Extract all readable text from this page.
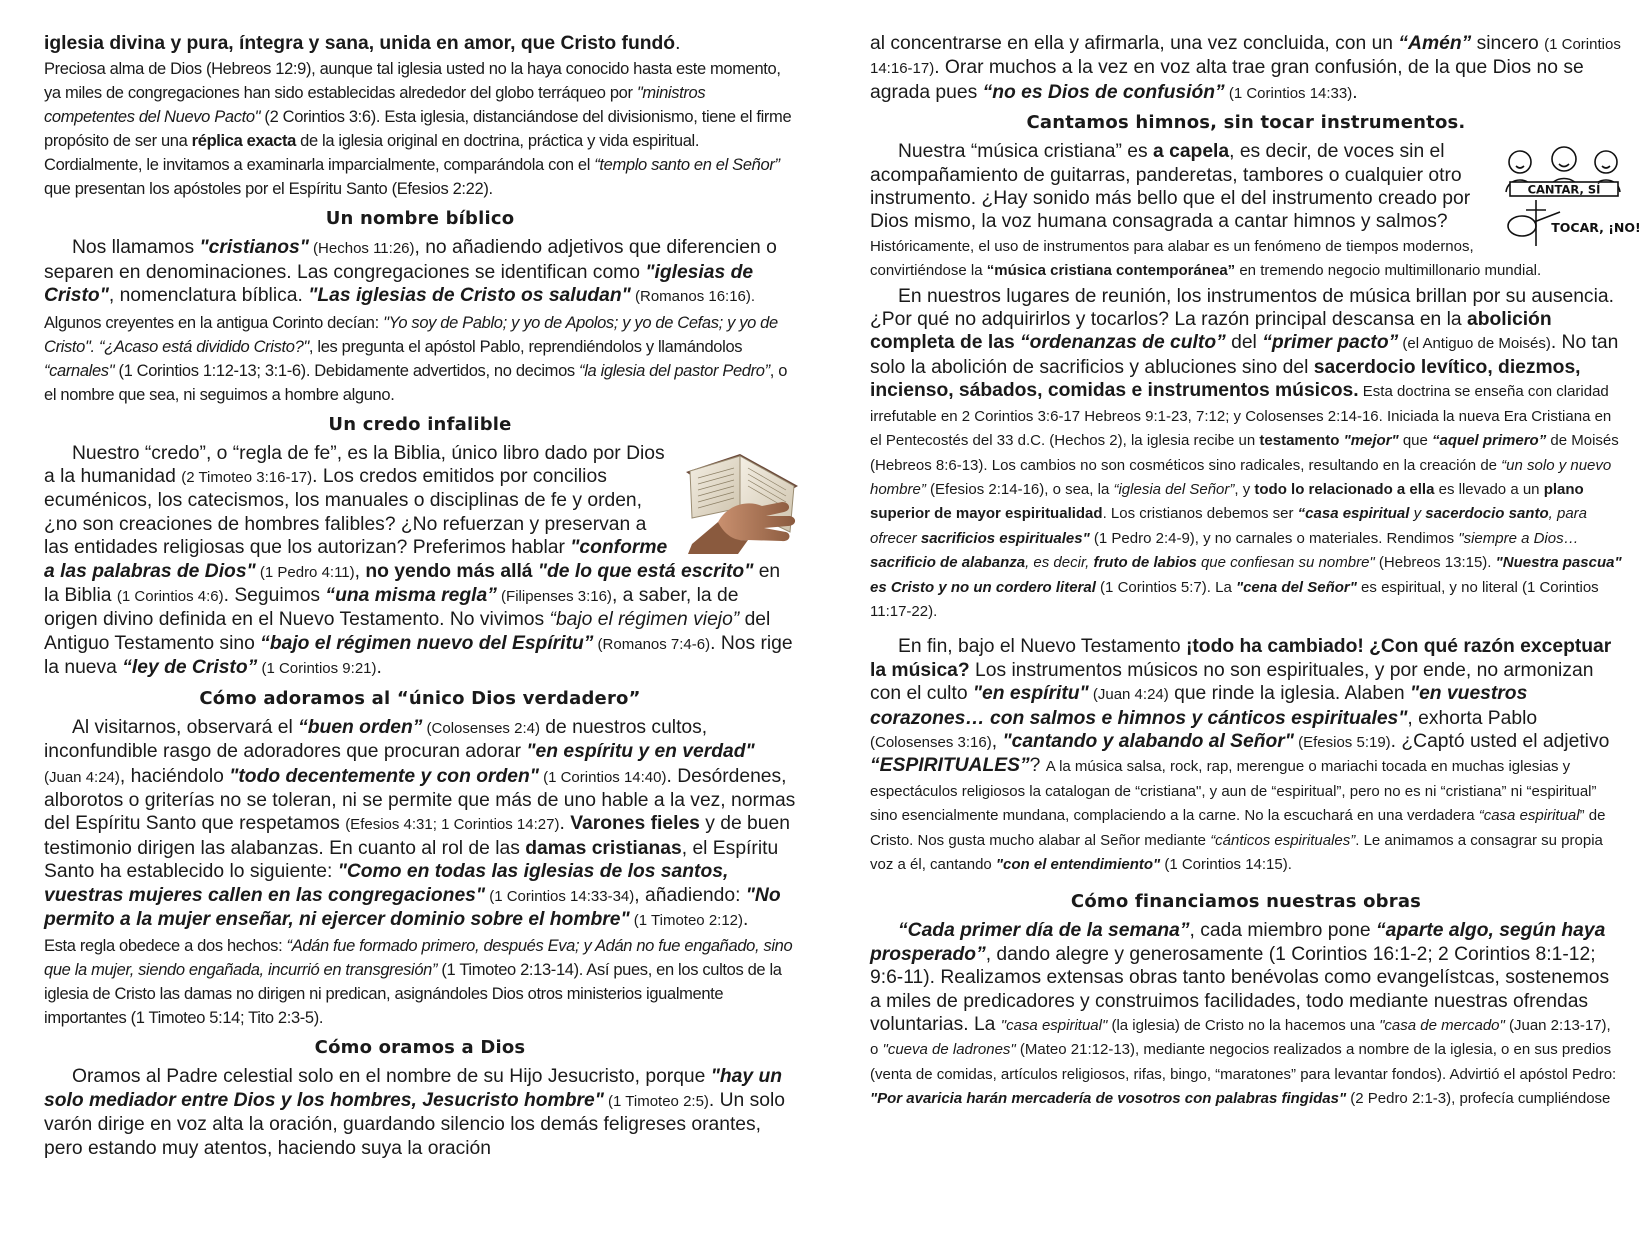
iglesia divina y pura, íntegra y sana, unida en amor, que Cristo fundó.

Preciosa alma de Dios (Hebreos 12:9), aunque tal iglesia usted no la haya conocido hasta este momento, ya miles de congregaciones han sido establecidas alrededor del globo terráqueo por "ministros competentes del Nuevo Pacto" (2 Corintios 3:6). Esta iglesia, distanciándose del divisionismo, tiene el firme propósito de ser una réplica exacta de la iglesia original en doctrina, práctica y vida espiritual. Cordialmente, le invitamos a examinarla imparcialmente, comparándola con el “templo santo en el Señor” que presentan los apóstoles por el Espíritu Santo (Efesios 2:22).

Un nombre bíblico

Nos llamamos "cristianos" (Hechos 11:26), no añadiendo adjetivos que diferencien o separen en denominaciones. Las congregaciones se identifican como "iglesias de Cristo", nomenclatura bíblica. "Las iglesias de Cristo os saludan" (Romanos 16:16).

Algunos creyentes en la antigua Corinto decían: "Yo soy de Pablo; y yo de Apolos; y yo de Cefas; y yo de Cristo". “¿Acaso está dividido Cristo?", les pregunta el apóstol Pablo, reprendiéndolos y llamándolos “carnales" (1 Corintios 1:12-13; 3:1-6). Debidamente advertidos, no decimos “la iglesia del pastor Pedro”, o el nombre que sea, ni seguimos a hombre alguno.

Un credo infalible

Nuestro “credo”, o “regla de fe”, es la Biblia, único libro dado por Dios a la humanidad (2 Timoteo 3:16-17). Los credos emitidos por concilios ecuménicos, los catecismos, los manuales o disciplinas de fe y orden, ¿no son creaciones de hombres falibles? ¿No refuerzan y preservan a las entidades religiosas que los autorizan? Preferimos hablar "conforme a las palabras de Dios" (1 Pedro 4:11), no yendo más allá "de lo que está escrito" en la Biblia (1 Corintios 4:6). Seguimos “una misma regla” (Filipenses 3:16), a saber, la de origen divino definida en el Nuevo Testamento. No vivimos “bajo el régimen viejo” del Antiguo Testamento sino “bajo el régimen nuevo del Espíritu” (Romanos 7:4-6). Nos rige la nueva “ley de Cristo” (1 Corintios 9:21).

Cómo adoramos al “único Dios verdadero”

Al visitarnos, observará el “buen orden” (Colosenses 2:4) de nuestros cultos, inconfundible rasgo de adoradores que procuran adorar "en espíritu y en verdad" (Juan 4:24), haciéndolo "todo decentemente y con orden" (1 Corintios 14:40). Desórdenes, alborotos o griterías no se toleran, ni se permite que más de uno hable a la vez, normas del Espíritu Santo que respetamos (Efesios 4:31; 1 Corintios 14:27). Varones fieles y de buen testimonio dirigen las alabanzas. En cuanto al rol de las damas cristianas, el Espíritu Santo ha establecido lo siguiente: "Como en todas las iglesias de los santos, vuestras mujeres callen en las congregaciones" (1 Corintios 14:33-34), añadiendo: "No permito a la mujer enseñar, ni ejercer dominio sobre el hombre" (1 Timoteo 2:12).

Esta regla obedece a dos hechos: “Adán fue formado primero, después Eva; y Adán no fue engañado, sino que la mujer, siendo engañada, incurrió en transgresión” (1 Timoteo 2:13-14). Así pues, en los cultos de la iglesia de Cristo las damas no dirigen ni predican, asignándoles Dios otros ministerios igualmente importantes (1 Timoteo 5:14; Tito 2:3-5).

Cómo oramos a Dios

Oramos al Padre celestial solo en el nombre de su Hijo Jesucristo, porque "hay un solo mediador entre Dios y los hombres, Jesucristo hombre" (1 Timoteo 2:5). Un solo varón dirige en voz alta la oración, guardando silencio los demás feligreses orantes, pero estando muy atentos, haciendo suya la oración

al concentrarse en ella y afirmarla, una vez concluida, con un “Amén” sincero (1 Corintios 14:16-17). Orar muchos a la vez en voz alta trae gran confusión, de la que Dios no se agrada pues “no es Dios de confusión” (1 Corintios 14:33).

Cantamos himnos, sin tocar instrumentos.
CANTAR, SÍ
TOCAR, ¡NO!

Nuestra “música cristiana” es a capela, es decir, de voces sin el acompañamiento de guitarras, panderetas, tambores o cualquier otro instrumento. ¿Hay sonido más bello que el del instrumento creado por Dios mismo, la voz humana consagrada a cantar himnos y salmos? Históricamente, el uso de instrumentos para alabar es un fenómeno de tiempos modernos, convirtiéndose la “música cristiana contemporánea” en tremendo negocio multimillonario mundial.

En nuestros lugares de reunión, los instrumentos de música brillan por su ausencia. ¿Por qué no adquirirlos y tocarlos? La razón principal descansa en la abolición completa de las “ordenanzas de culto” del “primer pacto” (el Antiguo de Moisés). No tan solo la abolición de sacrificios y abluciones sino del sacerdocio levítico, diezmos, incienso, sábados, comidas e instrumentos músicos. Esta doctrina se enseña con claridad irrefutable en 2 Corintios 3:6-17 Hebreos 9:1-23, 7:12; y Colosenses 2:14-16. Iniciada la nueva Era Cristiana en el Pentecostés del 33 d.C. (Hechos 2), la iglesia recibe un testamento "mejor" que “aquel primero” de Moisés (Hebreos 8:6-13). Los cambios no son cosméticos sino radicales, resultando en la creación de “un solo y nuevo hombre” (Efesios 2:14-16), o sea, la “iglesia del Señor”, y todo lo relacionado a ella es llevado a un plano superior de mayor espiritualidad. Los cristianos debemos ser “casa espiritual y sacerdocio santo, para ofrecer sacrificios espirituales" (1 Pedro 2:4-9), y no carnales o materiales. Rendimos "siempre a Dios… sacrificio de alabanza, es decir, fruto de labios que confiesan su nombre" (Hebreos 13:15). "Nuestra pascua" es Cristo y no un cordero literal (1 Corintios 5:7). La "cena del Señor" es espiritual, y no literal (1 Corintios 11:17-22).

En fin, bajo el Nuevo Testamento ¡todo ha cambiado! ¿Con qué razón exceptuar la música? Los instrumentos músicos no son espirituales, y por ende, no armonizan con el culto "en espíritu" (Juan 4:24) que rinde la iglesia. Alaben "en vuestros corazones… con salmos e himnos y cánticos espirituales", exhorta Pablo (Colosenses 3:16), "cantando y alabando al Señor" (Efesios 5:19). ¿Captó usted el adjetivo “ESPIRITUALES”? A la música salsa, rock, rap, merengue o mariachi tocada en muchas iglesias y espectáculos religiosos la catalogan de “cristiana", y aun de “espiritual”, pero no es ni “cristiana” ni “espiritual” sino esencialmente mundana, complaciendo a la carne. No la escuchará en una verdadera “casa espiritual” de Cristo. Nos gusta mucho alabar al Señor mediante “cánticos espirituales”. Le animamos a consagrar su propia voz a él, cantando "con el entendimiento" (1 Corintios 14:15).

Cómo financiamos nuestras obras

“Cada primer día de la semana”, cada miembro pone “aparte algo, según haya prosperado”, dando alegre y generosamente (1 Corintios 16:1-2; 2 Corintios 8:1-12; 9:6-11). Realizamos extensas obras tanto benévolas como evangelístcas, sostenemos a miles de predicadores y construimos facilidades, todo mediante nuestras ofrendas voluntarias. La "casa espiritual" (la iglesia) de Cristo no la hacemos una "casa de mercado" (Juan 2:13-17), o "cueva de ladrones" (Mateo 21:12-13), mediante negocios realizados a nombre de la iglesia, o en sus predios (venta de comidas, artículos religiosos, rifas, bingo, “maratones” para levantar fondos). Advirtió el apóstol Pedro: "Por avaricia harán mercadería de vosotros con palabras fingidas" (2 Pedro 2:1-3), profecía cumpliéndose
